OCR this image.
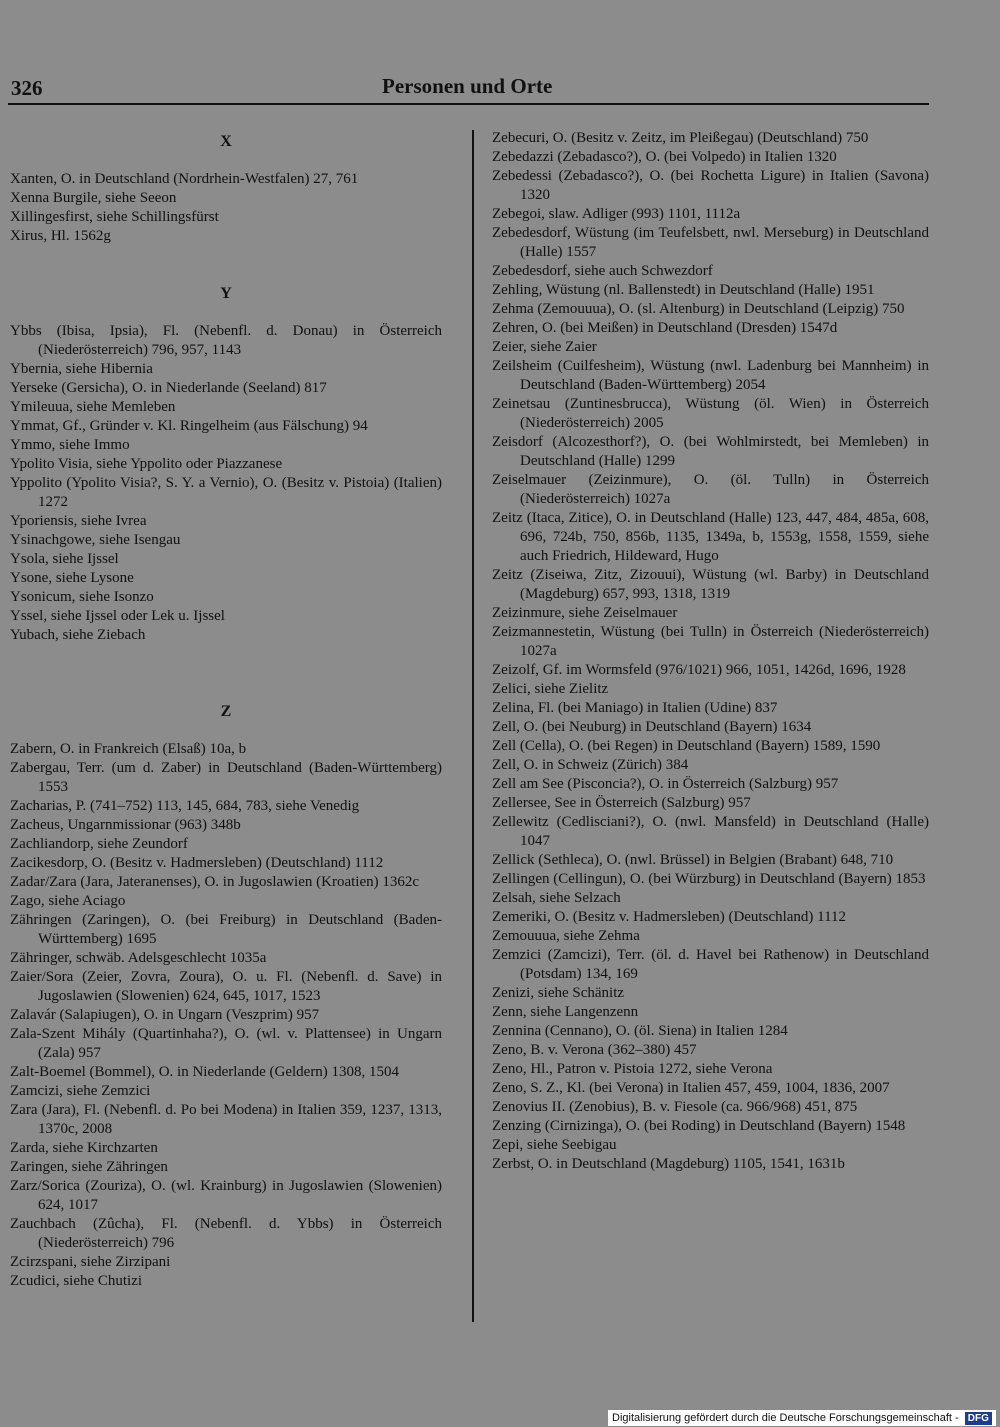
326	Personen und Orte
X
Xanten, O. in Deutschland (Nordrhein-Westfalen) 27, 761
Xenna Burgile, siehe Seeon
Xillingesfirst, siehe Schillingsfürst
Xirus, Hl. 1562g
Y
Ybbs (Ibisa, Ipsia), Fl. (Nebenfl. d. Donau) in Österreich (Niederösterreich) 796, 957, 1143
Ybernia, siehe Hibernia
Yerseke (Gersicha), O. in Niederlande (Seeland) 817
Ymileuua, siehe Memleben
Ymmat, Gf., Gründer v. Kl. Ringelheim (aus Fälschung) 94
Ymmo, siehe Immo
Ypolito Visia, siehe Yppolito oder Piazzanese
Yppolito (Ypolito Visia?, S. Y. a Vernio), O. (Besitz v. Pistoia) (Italien) 1272
Yporiensis, siehe Ivrea
Ysinachgowe, siehe Isengau
Ysola, siehe Ijssel
Ysone, siehe Lysone
Ysonicum, siehe Isonzo
Yssel, siehe Ijssel oder Lek u. Ijssel
Yubach, siehe Ziebach
Z
Zabern, O. in Frankreich (Elsaß) 10a, b
Zabergau, Terr. (um d. Zaber) in Deutschland (Baden-Württemberg) 1553
Zacharias, P. (741–752) 113, 145, 684, 783, siehe Venedig
Zacheus, Ungarnmissionar (963) 348b
Zachliandorp, siehe Zeundorf
Zacikesdorp, O. (Besitz v. Hadmersleben) (Deutschland) 1112
Zadar/Zara (Jara, Jateranenses), O. in Jugoslawien (Kroatien) 1362c
Zago, siehe Aciago
Zähringen (Zaringen), O. (bei Freiburg) in Deutschland (Baden-Württemberg) 1695
Zähringer, schwäb. Adelsgeschlecht 1035a
Zaier/Sora (Zeier, Zovra, Zoura), O. u. Fl. (Nebenfl. d. Save) in Jugoslawien (Slowenien) 624, 645, 1017, 1523
Zalavár (Salapiugen), O. in Ungarn (Veszprim) 957
Zala-Szent Mihály (Quartinhaha?), O. (wl. v. Plattensee) in Ungarn (Zala) 957
Zalt-Boemel (Bommel), O. in Niederlande (Geldern) 1308, 1504
Zamcizi, siehe Zemzici
Zara (Jara), Fl. (Nebenfl. d. Po bei Modena) in Italien 359, 1237, 1313, 1370c, 2008
Zarda, siehe Kirchzarten
Zaringen, siehe Zähringen
Zarz/Sorica (Zouriza), O. (wl. Krainburg) in Jugoslawien (Slowenien) 624, 1017
Zauchbach (Zûcha), Fl. (Nebenfl. d. Ybbs) in Österreich (Niederösterreich) 796
Zcirzspani, siehe Zirzipani
Zcudici, siehe Chutizi
Zebecuri, O. (Besitz v. Zeitz, im Pleißegau) (Deutschland) 750
Zebedazzi (Zebadasco?), O. (bei Volpedo) in Italien 1320
Zebedessi (Zebadasco?), O. (bei Rochetta Ligure) in Italien (Savona) 1320
Zebegoi, slaw. Adliger (993) 1101, 1112a
Zebedesdorf, Wüstung (im Teufelsbett, nwl. Merseburg) in Deutschland (Halle) 1557
Zebedesdorf, siehe auch Schwezdorf
Zehling, Wüstung (nl. Ballenstedt) in Deutschland (Halle) 1951
Zehma (Zemouuua), O. (sl. Altenburg) in Deutschland (Leipzig) 750
Zehren, O. (bei Meißen) in Deutschland (Dresden) 1547d
Zeier, siehe Zaier
Zeilsheim (Cuilfesheim), Wüstung (nwl. Ladenburg bei Mannheim) in Deutschland (Baden-Württemberg) 2054
Zeinetsau (Zuntinesbrucca), Wüstung (öl. Wien) in Österreich (Niederösterreich) 2005
Zeisdorf (Alcozesthorf?), O. (bei Wohlmirstedt, bei Memleben) in Deutschland (Halle) 1299
Zeiselmauer (Zeizinmure), O. (öl. Tulln) in Österreich (Niederösterreich) 1027a
Zeitz (Itaca, Zitice), O. in Deutschland (Halle) 123, 447, 484, 485a, 608, 696, 724b, 750, 856b, 1135, 1349a, b, 1553g, 1558, 1559, siehe auch Friedrich, Hildeward, Hugo
Zeitz (Ziseiwa, Zitz, Zizouui), Wüstung (wl. Barby) in Deutschland (Magdeburg) 657, 993, 1318, 1319
Zeizinmure, siehe Zeiselmauer
Zeizmannestetin, Wüstung (bei Tulln) in Österreich (Niederösterreich) 1027a
Zeizolf, Gf. im Wormsfeld (976/1021) 966, 1051, 1426d, 1696, 1928
Zelici, siehe Zielitz
Zelina, Fl. (bei Maniago) in Italien (Udine) 837
Zell, O. (bei Neuburg) in Deutschland (Bayern) 1634
Zell (Cella), O. (bei Regen) in Deutschland (Bayern) 1589, 1590
Zell, O. in Schweiz (Zürich) 384
Zell am See (Pisconcia?), O. in Österreich (Salzburg) 957
Zellersee, See in Österreich (Salzburg) 957
Zellewitz (Cedlisciani?), O. (nwl. Mansfeld) in Deutschland (Halle) 1047
Zellick (Sethleca), O. (nwl. Brüssel) in Belgien (Brabant) 648, 710
Zellingen (Cellingun), O. (bei Würzburg) in Deutschland (Bayern) 1853
Zelsah, siehe Selzach
Zemeriki, O. (Besitz v. Hadmersleben) (Deutschland) 1112
Zemouuua, siehe Zehma
Zemzici (Zamcizi), Terr. (öl. d. Havel bei Rathenow) in Deutschland (Potsdam) 134, 169
Zenizi, siehe Schänitz
Zenn, siehe Langenzenn
Zennina (Cennano), O. (öl. Siena) in Italien 1284
Zeno, B. v. Verona (362–380) 457
Zeno, Hl., Patron v. Pistoia 1272, siehe Verona
Zeno, S. Z., Kl. (bei Verona) in Italien 457, 459, 1004, 1836, 2007
Zenovius II. (Zenobius), B. v. Fiesole (ca. 966/968) 451, 875
Zenzing (Cirnizinga), O. (bei Roding) in Deutschland (Bayern) 1548
Zepi, siehe Seebigau
Zerbst, O. in Deutschland (Magdeburg) 1105, 1541, 1631b
Digitalisierung gefördert durch die Deutsche Forschungsgemeinschaft - DFG
